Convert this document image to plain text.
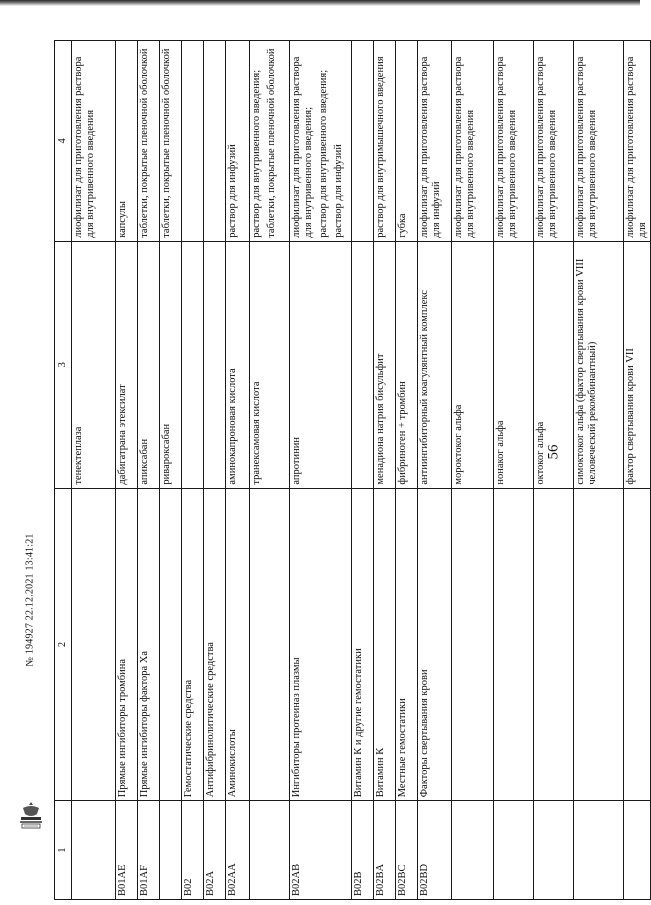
56
1	2	3	4
		тенектеплаза	лиофилизат для приготовления раствора для внутривенного введения

B01AE	Прямые ингибиторы тромбина	дабигатрана этексилат	капсулы

B01AF	Прямые ингибиторы фактора Xa	апиксабан	таблетки, покрытые пленочной оболочкой

		ривароксабан	таблетки, покрытые пленочной оболочкой

B02	Гемостатические средства		
B02A	Антифибринолитические средства		
B02AA	Аминокислоты	аминокапроновая кислота	раствор для инфузий

		транексамовая кислота	раствор для внутривенного введения; таблетки, покрытые пленочной оболочкой

B02AB	Ингибиторы протеиназ плазмы	апротинин	лиофилизат для приготовления раствора для внутривенного введения; раствор для внутривенного введения; раствор для инфузий

B02B	Витамин К и другие гемостатики		
B02BA	Витамин К	менадиона натрия бисульфит	раствор для внутримышечного введения

B02BC	Местные гемостатики	фибриноген + тромбин	губка

B02BD	Факторы свертывания крови	антиингибиторный коагулянтный комплекс	лиофилизат для приготовления раствора для инфузий

		мороктоког альфа	лиофилизат для приготовления раствора для внутривенного введения

		нонаког альфа	лиофилизат для приготовления раствора для внутривенного введения

		октоког альфа	лиофилизат для приготовления раствора для внутривенного введения

		симоктоког альфа (фактор свертывания крови VIII человеческий рекомбинантный)	лиофилизат для приготовления раствора для внутривенного введения

		фактор свертывания крови VII	лиофилизат для приготовления раствора для
№ 194927 22.12.2021 13:41:21
